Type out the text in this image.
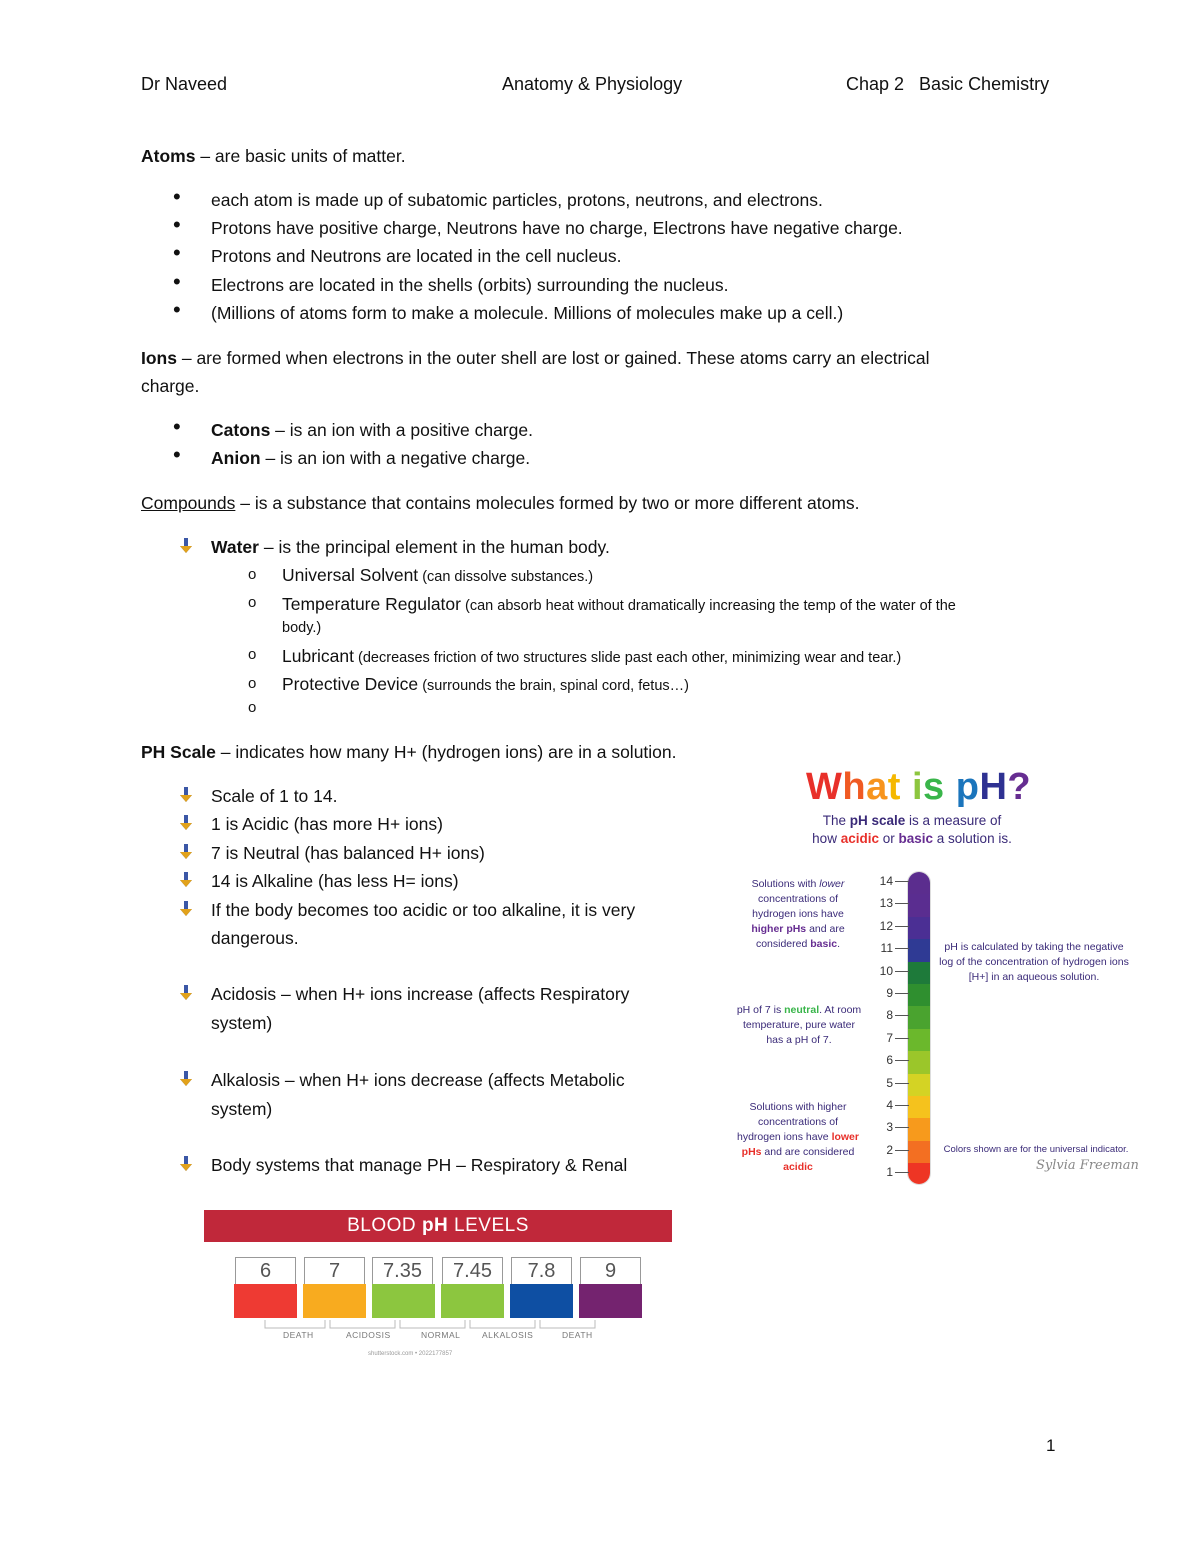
Dr Naveed	Anatomy & Physiology	Chap 2   Basic Chemistry
Atoms – are basic units of matter.
•
each atom is made up of subatomic particles, protons, neutrons, and electrons.
•
Protons have positive charge, Neutrons have no charge, Electrons have negative charge.
•
Protons and Neutrons are located in the cell nucleus.
•
Electrons are located in the shells (orbits) surrounding the nucleus.
•
(Millions of atoms form to make a molecule. Millions of molecules make up a cell.)
Ions – are formed when electrons in the outer shell are lost or gained. These atoms carry an electrical
charge.
•
Catons – is an ion with a positive charge.
•
Anion – is an ion with a negative charge.
Compounds – is a substance that contains molecules formed by two or more different atoms.
Water – is the principal element in the human body.
o Universal Solvent (can dissolve substances.)
o Temperature Regulator (can absorb heat without dramatically increasing the temp of the water of the
body.)
o Lubricant (decreases friction of two structures slide past each other, minimizing wear and tear.)
o Protective Device (surrounds the brain, spinal cord, fetus…)
o
PH Scale – indicates how many H+ (hydrogen ions) are in a solution.
Scale of 1 to 14.
1 is Acidic (has more H+ ions)
7 is Neutral (has balanced H+ ions)
14 is Alkaline (has less H= ions)
If the body becomes too acidic or too alkaline, it is very
dangerous.
Acidosis – when H+ ions increase (affects Respiratory
system)
Alkalosis – when H+ ions decrease (affects Metabolic
system)
Body systems that manage PH – Respiratory & Renal
What is pH?
The pH scale is a measure of how acidic or basic a solution is.
Solutions with lower concentrations of hydrogen ions have higher pHs and are considered basic.
pH of 7 is neutral. At room temperature, pure water has a pH of 7.
Solutions with higher concentrations of hydrogen ions have lower pHs and are considered acidic
pH is calculated by taking the negative log of the concentration of hydrogen ions [H+] in an aqueous solution.
Colors shown are for the universal indicator.
Sylvia Freeman
14
13
12
11
10
9
8
7
6
5
4
3
2
1
BLOOD pH LEVELS
6	7	7.35	7.45	7.8	9
DEATH	ACIDOSIS	NORMAL	ALKALOSIS	DEATH
shutterstock.com • 2022177857
1
